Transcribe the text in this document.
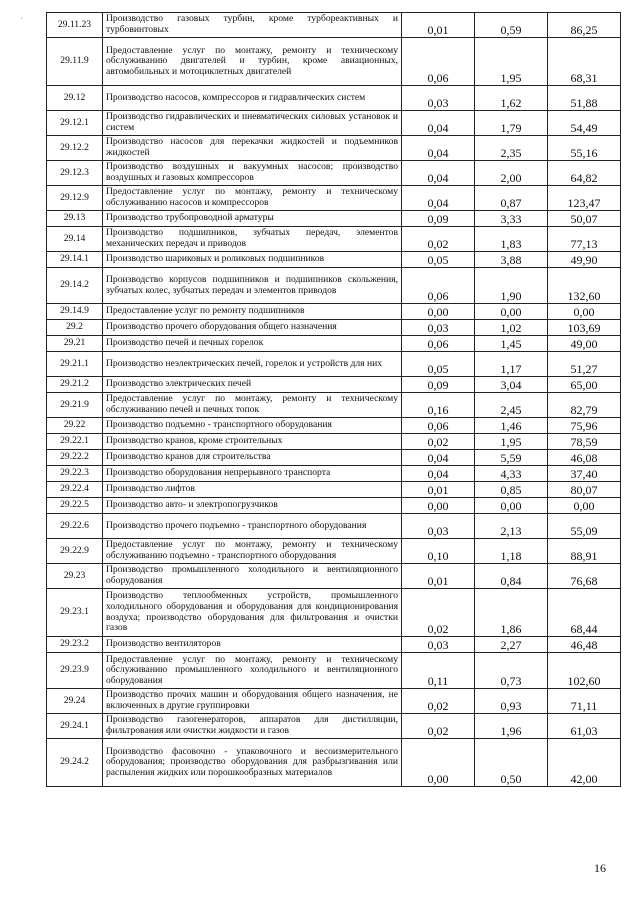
·
29.11.23	Производство газовых турбин, кроме турбореактивных и турбовинтовых	0,01	0,59	86,25
29.11.9	Предоставление услуг по монтажу, ремонту и техническому обслуживанию двигателей и турбин, кроме авиационных, автомобильных и мотоциклетных двигателей	0,06	1,95	68,31
29.12	Производство насосов, компрессоров и гидравлических систем	0,03	1,62	51,88
29.12.1	Производство гидравлических и пневматических силовых установок и систем	0,04	1,79	54,49
29.12.2	Производство насосов для перекачки жидкостей и подъемников жидкостей	0,04	2,35	55,16
29.12.3	Производство воздушных и вакуумных насосов; производство воздушных и газовых компрессоров	0,04	2,00	64,82
29.12.9	Предоставление услуг по монтажу, ремонту и техническому обслуживанию насосов и компрессоров	0,04	0,87	123,47
29.13	Производство трубопроводной арматуры	0,09	3,33	50,07
29.14	Производство подшипников, зубчатых передач, элементов механических передач и приводов	0,02	1,83	77,13
29.14.1	Производство шариковых и роликовых подшипников	0,05	3,88	49,90
29.14.2	Производство корпусов подшипников и подшипников скольжения, зубчатых колес, зубчатых передач и элементов приводов	0,06	1,90	132,60
29.14.9	Предоставление услуг по ремонту подшипников	0,00	0,00	0,00
29.2	Производство прочего оборудования общего назначения	0,03	1,02	103,69
29.21	Производство печей и печных горелок	0,06	1,45	49,00
29.21.1	Производство неэлектрических печей, горелок и устройств для них	0,05	1,17	51,27
29.21.2	Производство электрических печей	0,09	3,04	65,00
29.21.9	Предоставление услуг по монтажу, ремонту и техническому обслуживанию печей и печных топок	0,16	2,45	82,79
29.22	Производство подъемно - транспортного оборудования	0,06	1,46	75,96
29.22.1	Производство кранов, кроме строительных	0,02	1,95	78,59
29.22.2	Производство кранов для строительства	0,04	5,59	46,08
29.22.3	Производство оборудования непрерывного транспорта	0,04	4,33	37,40
29.22.4	Производство лифтов	0,01	0,85	80,07
29.22.5	Производство авто- и электропогрузчиков	0,00	0,00	0,00
29.22.6	Производство прочего подъемно - транспортного оборудования	0,03	2,13	55,09
29.22.9	Предоставление услуг по монтажу, ремонту и техническому обслуживанию подъемно - транспортного оборудования	0,10	1,18	88,91
29.23	Производство промышленного холодильного и вентиляционного оборудования	0,01	0,84	76,68
29.23.1	Производство теплообменных устройств, промышленного холодильного оборудования и оборудования для кондиционирования воздуха; производство оборудования для фильтрования и очистки газов	0,02	1,86	68,44
29.23.2	Производство вентиляторов	0,03	2,27	46,48
29.23.9	Предоставление услуг по монтажу, ремонту и техническому обслуживанию промышленного холодильного и вентиляционного оборудования	0,11	0,73	102,60
29.24	Производство прочих машин и оборудования общего назначения, не включенных в другие группировки	0,02	0,93	71,11
29.24.1	Производство газогенераторов, аппаратов для дистилляции, фильтрования или очистки жидкости и газов	0,02	1,96	61,03
29.24.2	Производство фасовочно - упаковочного и весоизмерительного оборудования; производство оборудования для разбрызгивания или распыления жидких или порошкообразных материалов	0,00	0,50	42,00
16
